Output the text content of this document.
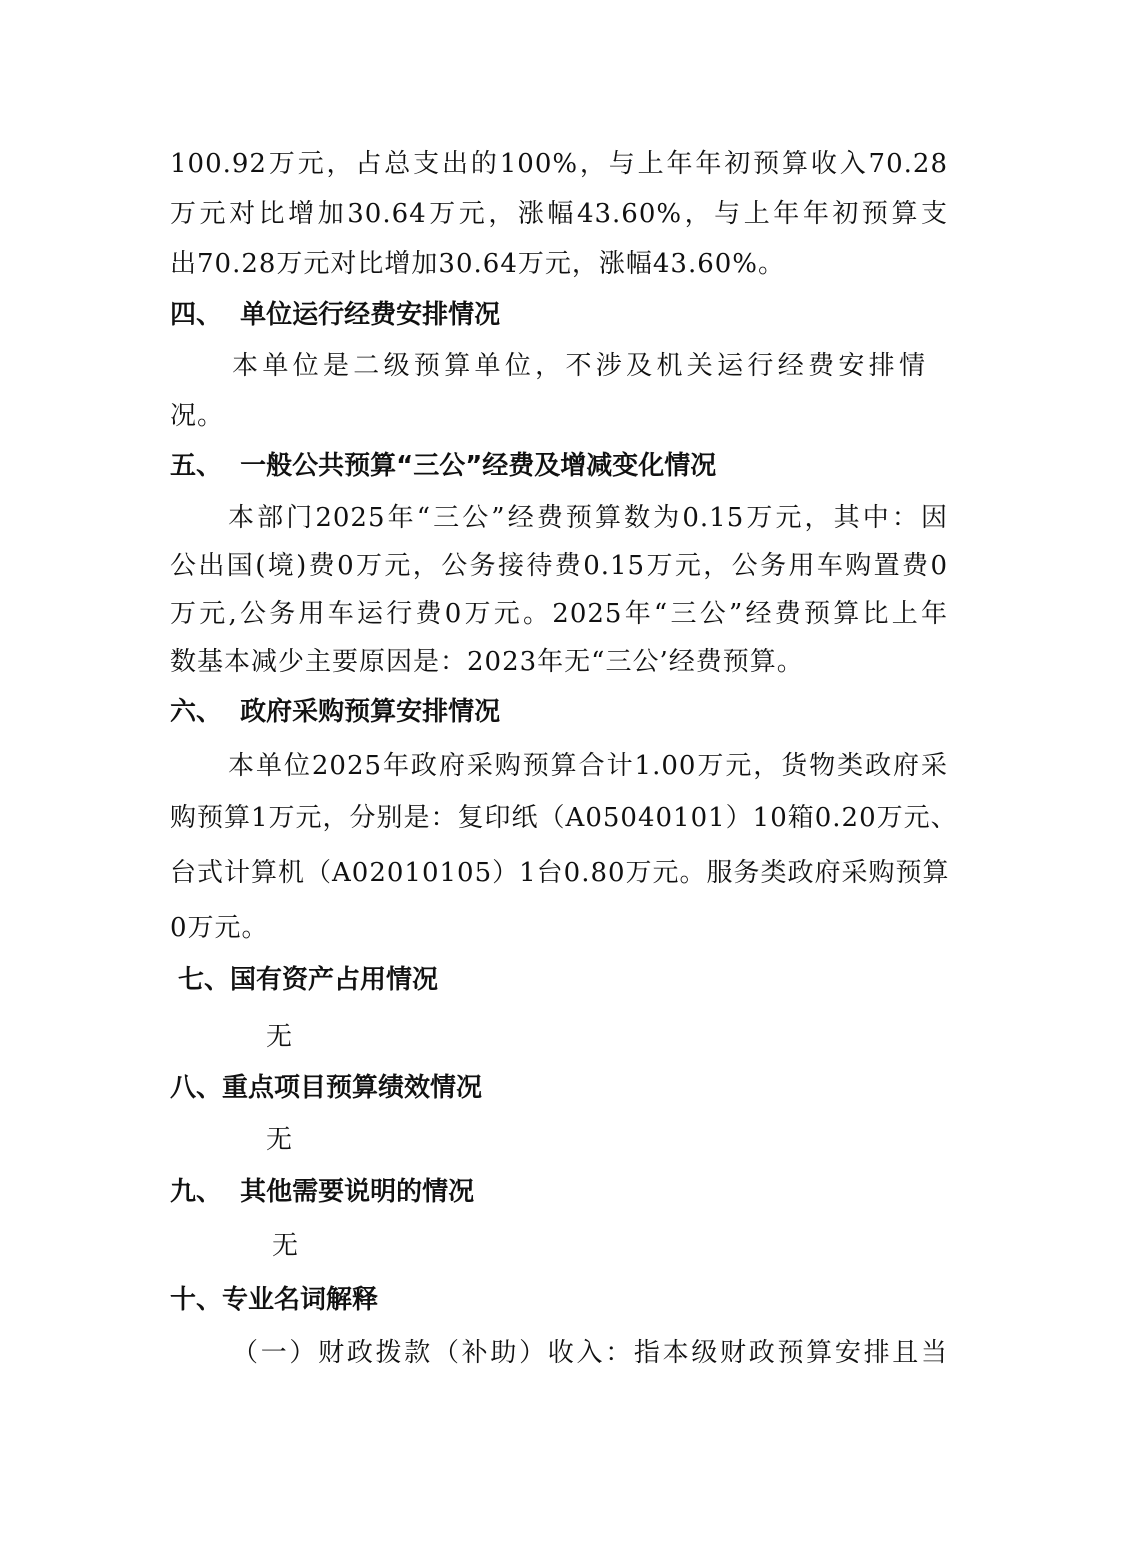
100.92万元，占总支出的100%，与上年年初预算收入70.28
万元对比增加30.64万元，涨幅43.60%，与上年年初预算支
出70.28万元对比增加30.64万元，涨幅43.60%。
四、  单位运行经费安排情况
本单位是二级预算单位，不涉及机关运行经费安排情
况。
五、  一般公共预算“三公”经费及增减变化情况
本部门2025年“三公”经费预算数为0.15万元，其中：因
公出国(境)费0万元，公务接待费0.15万元，公务用车购置费0
万元,公务用车运行费0万元。2025年“三公”经费预算比上年
数基本减少主要原因是：2023年无“三公’经费预算。
六、  政府采购预算安排情况
本单位2025年政府采购预算合计1.00万元，货物类政府采
购预算1万元，分别是：复印纸（A05040101）10箱0.20万元、
台式计算机（A02010105）1台0.80万元。服务类政府采购预算
0万元。
七、国有资产占用情况
无
八、重点项目预算绩效情况
无
九、  其他需要说明的情况
无
十、专业名词解释
（一）财政拨款（补助）收入：指本级财政预算安排且当
